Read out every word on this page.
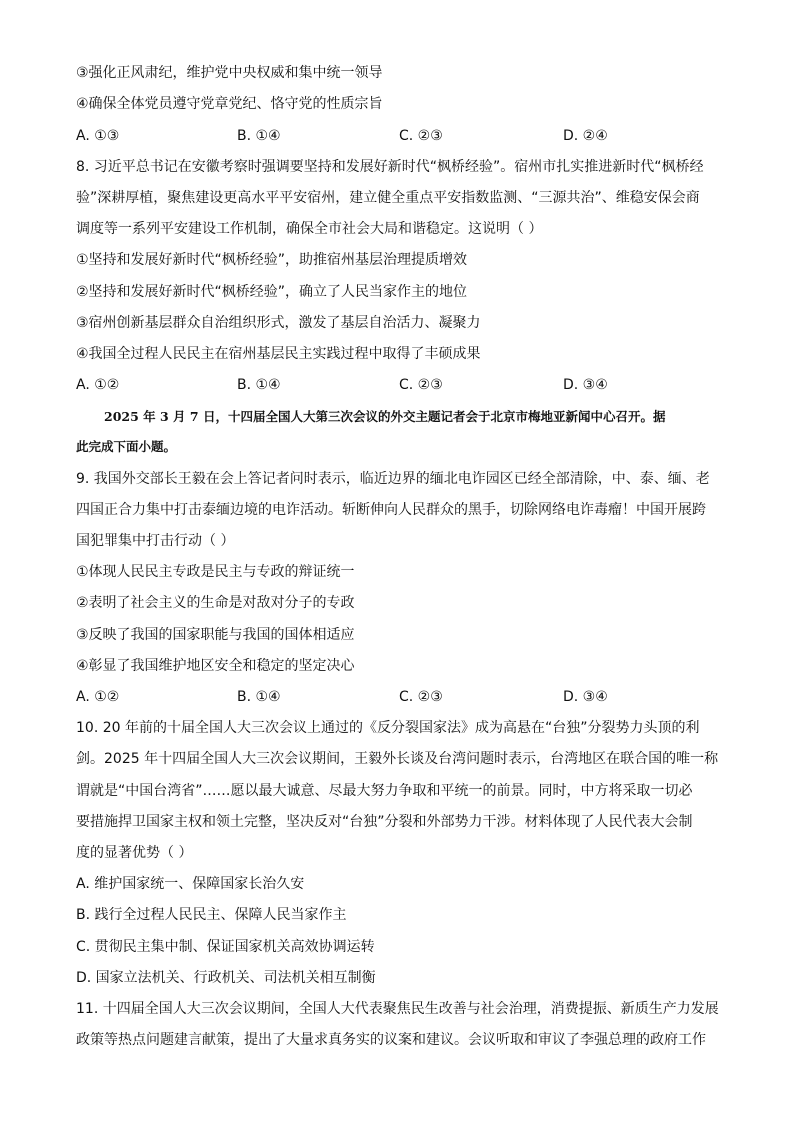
③强化正风肃纪，维护党中央权威和集中统一领导
④确保全体党员遵守党章党纪、恪守党的性质宗旨
A. ①③	B. ①④	C. ②③	D. ②④
8. 习近平总书记在安徽考察时强调要坚持和发展好新时代“枫桥经验”。宿州市扎实推进新时代“枫桥经
验”深耕厚植，聚焦建设更高水平平安宿州，建立健全重点平安指数监测、“三源共治”、维稳安保会商
调度等一系列平安建设工作机制，确保全市社会大局和谐稳定。这说明（ ）
①坚持和发展好新时代“枫桥经验”，助推宿州基层治理提质增效
②坚持和发展好新时代“枫桥经验”，确立了人民当家作主的地位
③宿州创新基层群众自治组织形式，激发了基层自治活力、凝聚力
④我国全过程人民民主在宿州基层民主实践过程中取得了丰硕成果
A. ①②	B. ①④	C. ②③	D. ③④
2025 年 3 月 7 日，十四届全国人大第三次会议的外交主题记者会于北京市梅地亚新闻中心召开。据
此完成下面小题。
9. 我国外交部长王毅在会上答记者问时表示，临近边界的缅北电诈园区已经全部清除，中、泰、缅、老
四国正合力集中打击泰缅边境的电诈活动。斩断伸向人民群众的黑手，切除网络电诈毒瘤！中国开展跨
国犯罪集中打击行动（ ）
①体现人民民主专政是民主与专政的辩证统一
②表明了社会主义的生命是对敌对分子的专政
③反映了我国的国家职能与我国的国体相适应
④彰显了我国维护地区安全和稳定的坚定决心
A. ①②	B. ①④	C. ②③	D. ③④
10. 20 年前的十届全国人大三次会议上通过的《反分裂国家法》成为高悬在“台独”分裂势力头顶的利
剑。2025 年十四届全国人大三次会议期间，王毅外长谈及台湾问题时表示，台湾地区在联合国的唯一称
谓就是“中国台湾省”……愿以最大诚意、尽最大努力争取和平统一的前景。同时，中方将采取一切必
要措施捍卫国家主权和领土完整，坚决反对“台独”分裂和外部势力干涉。材料体现了人民代表大会制
度的显著优势（ ）
A. 维护国家统一、保障国家长治久安
B. 践行全过程人民民主、保障人民当家作主
C. 贯彻民主集中制、保证国家机关高效协调运转
D. 国家立法机关、行政机关、司法机关相互制衡
11. 十四届全国人大三次会议期间，全国人大代表聚焦民生改善与社会治理，消费提振、新质生产力发展
政策等热点问题建言献策，提出了大量求真务实的议案和建议。会议听取和审议了李强总理的政府工作
